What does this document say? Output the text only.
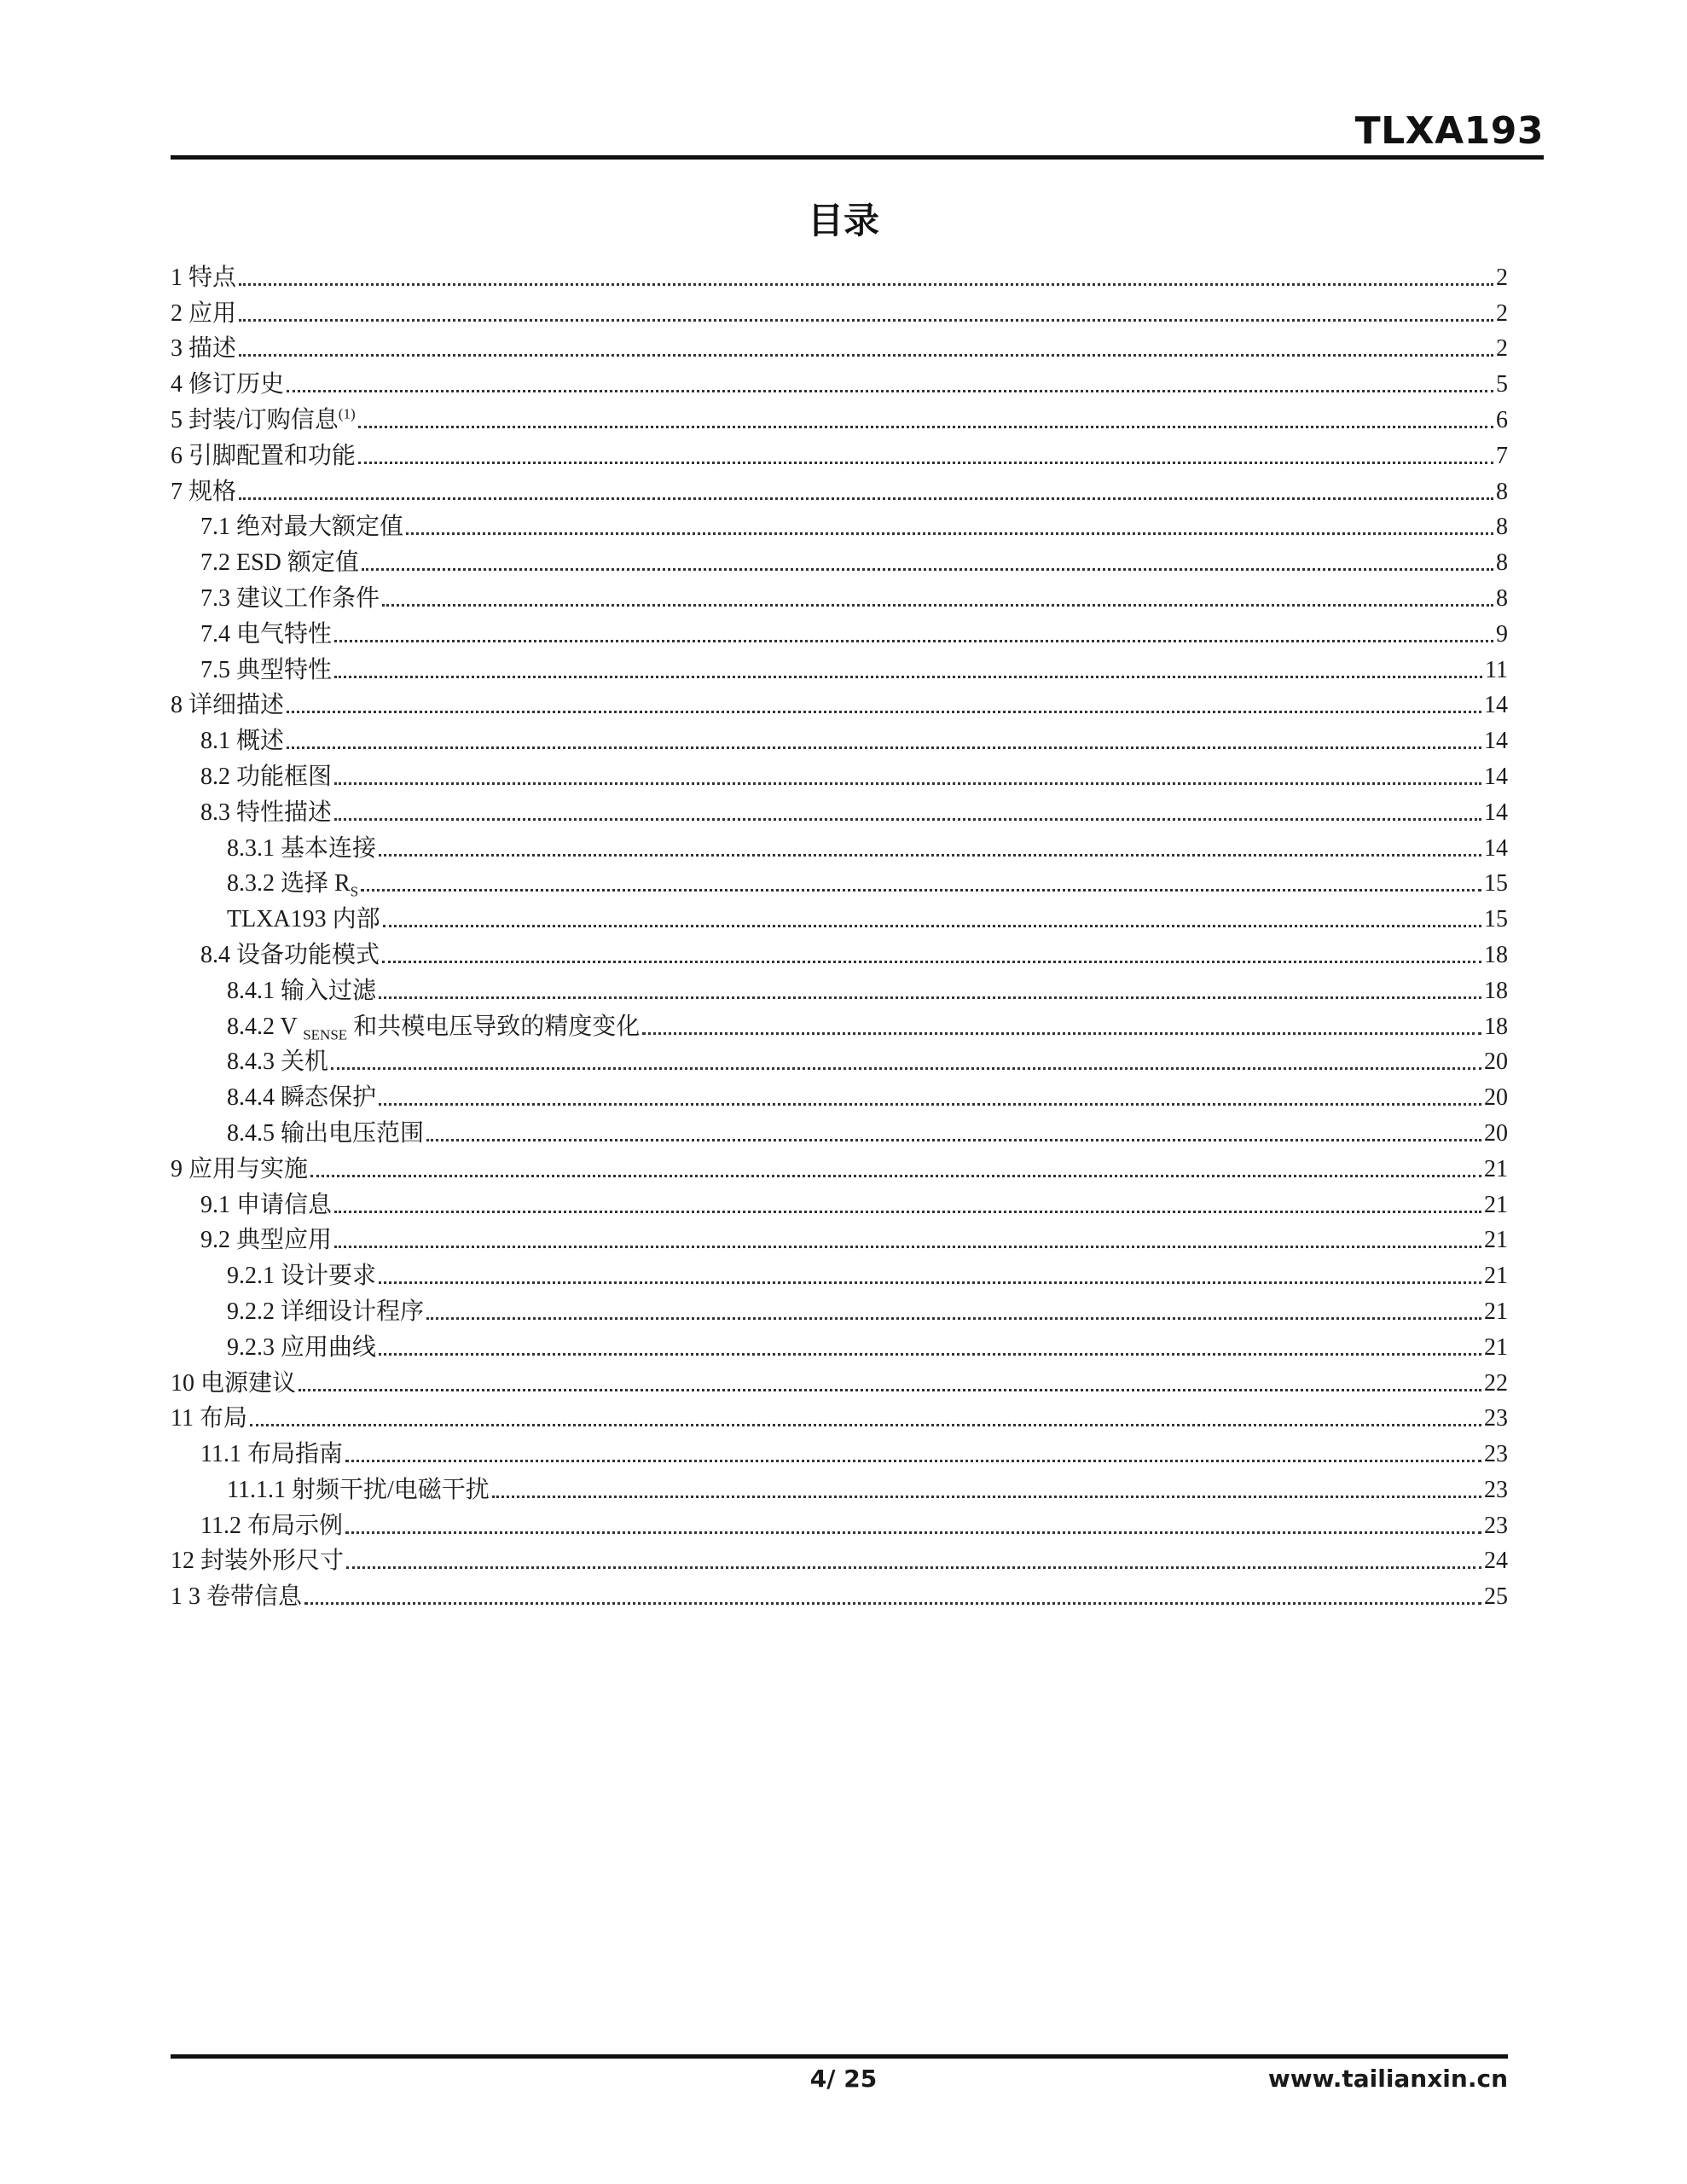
TLXA193
目录
1 特点	2
2 应用	2
3 描述	2
4 修订历史	5
5 封装/订购信息$^{(1)}$	6
6 引脚配置和功能	7
7 规格	8
7.1 绝对最大额定值	8
7.2 ESD 额定值	8
7.3 建议工作条件	8
7.4 电气特性	9
7.5 典型特性	11
8 详细描述	14
8.1 概述	14
8.2 功能框图	14
8.3 特性描述	14
8.3.1 基本连接	14
8.3.2 选择 $R_S$	15
TLXA193 内部	15
8.4 设备功能模式	18
8.4.1 输入过滤	18
8.4.2 V $_{SENSE}$ 和共模电压导致的精度变化	18
8.4.3 关机	20
8.4.4 瞬态保护	20
8.4.5 输出电压范围	20
9 应用与实施	21
9.1 申请信息	21
9.2 典型应用	21
9.2.1 设计要求	21
9.2.2 详细设计程序	21
9.2.3 应用曲线	21
10 电源建议	22
11 布局	23
11.1 布局指南	23
11.1.1 射频干扰/电磁干扰	23
11.2 布局示例	23
12 封装外形尺寸	24
1 3 卷带信息	25
4/ 25	www.tailianxin.cn
